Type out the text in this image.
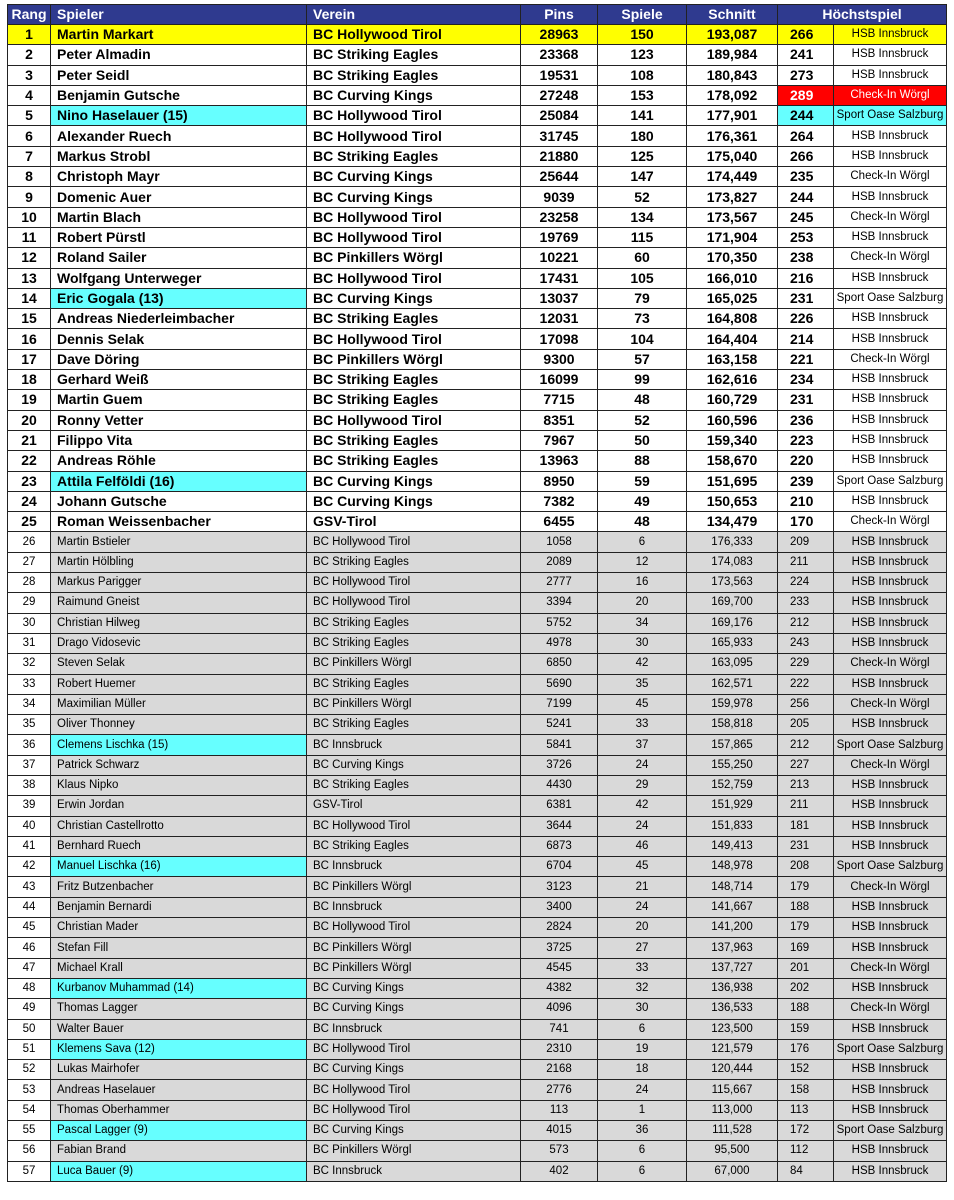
Rang	Spieler	Verein	Pins	Spiele	Schnitt	Höchstspiel	
1	Martin Markart	BC Hollywood Tirol	28963	150	193,087	266	HSB Innsbruck
2	Peter Almadin	BC Striking Eagles	23368	123	189,984	241	HSB Innsbruck
3	Peter Seidl	BC Striking Eagles	19531	108	180,843	273	HSB Innsbruck
4	Benjamin Gutsche	BC Curving Kings	27248	153	178,092	289	Check-In Wörgl
5	Nino Haselauer (15)	BC Hollywood Tirol	25084	141	177,901	244	Sport Oase Salzburg
6	Alexander Ruech	BC Hollywood Tirol	31745	180	176,361	264	HSB Innsbruck
7	Markus Strobl	BC Striking Eagles	21880	125	175,040	266	HSB Innsbruck
8	Christoph Mayr	BC Curving Kings	25644	147	174,449	235	Check-In Wörgl
9	Domenic Auer	BC Curving Kings	9039	52	173,827	244	HSB Innsbruck
10	Martin Blach	BC Hollywood Tirol	23258	134	173,567	245	Check-In Wörgl
11	Robert Pürstl	BC Hollywood Tirol	19769	115	171,904	253	HSB Innsbruck
12	Roland Sailer	BC Pinkillers Wörgl	10221	60	170,350	238	Check-In Wörgl
13	Wolfgang Unterweger	BC Hollywood Tirol	17431	105	166,010	216	HSB Innsbruck
14	Eric Gogala (13)	BC Curving Kings	13037	79	165,025	231	Sport Oase Salzburg
15	Andreas Niederleimbacher	BC Striking Eagles	12031	73	164,808	226	HSB Innsbruck
16	Dennis Selak	BC Hollywood Tirol	17098	104	164,404	214	HSB Innsbruck
17	Dave Döring	BC Pinkillers Wörgl	9300	57	163,158	221	Check-In Wörgl
18	Gerhard Weiß	BC Striking Eagles	16099	99	162,616	234	HSB Innsbruck
19	Martin Guem	BC Striking Eagles	7715	48	160,729	231	HSB Innsbruck
20	Ronny Vetter	BC Hollywood Tirol	8351	52	160,596	236	HSB Innsbruck
21	Filippo Vita	BC Striking Eagles	7967	50	159,340	223	HSB Innsbruck
22	Andreas Röhle	BC Striking Eagles	13963	88	158,670	220	HSB Innsbruck
23	Attila Felföldi (16)	BC Curving Kings	8950	59	151,695	239	Sport Oase Salzburg
24	Johann Gutsche	BC Curving Kings	7382	49	150,653	210	HSB Innsbruck
25	Roman Weissenbacher	GSV-Tirol	6455	48	134,479	170	Check-In Wörgl
26	Martin Bstieler	BC Hollywood Tirol	1058	6	176,333	209	HSB Innsbruck
27	Martin Hölbling	BC Striking Eagles	2089	12	174,083	211	HSB Innsbruck
28	Markus Parigger	BC Hollywood Tirol	2777	16	173,563	224	HSB Innsbruck
29	Raimund Gneist	BC Hollywood Tirol	3394	20	169,700	233	HSB Innsbruck
30	Christian Hilweg	BC Striking Eagles	5752	34	169,176	212	HSB Innsbruck
31	Drago Vidosevic	BC Striking Eagles	4978	30	165,933	243	HSB Innsbruck
32	Steven Selak	BC Pinkillers Wörgl	6850	42	163,095	229	Check-In Wörgl
33	Robert Huemer	BC Striking Eagles	5690	35	162,571	222	HSB Innsbruck
34	Maximilian Müller	BC Pinkillers Wörgl	7199	45	159,978	256	Check-In Wörgl
35	Oliver Thonney	BC Striking Eagles	5241	33	158,818	205	HSB Innsbruck
36	Clemens Lischka (15)	BC Innsbruck	5841	37	157,865	212	Sport Oase Salzburg
37	Patrick Schwarz	BC Curving Kings	3726	24	155,250	227	Check-In Wörgl
38	Klaus Nipko	BC Striking Eagles	4430	29	152,759	213	HSB Innsbruck
39	Erwin Jordan	GSV-Tirol	6381	42	151,929	211	HSB Innsbruck
40	Christian Castellrotto	BC Hollywood Tirol	3644	24	151,833	181	HSB Innsbruck
41	Bernhard Ruech	BC Striking Eagles	6873	46	149,413	231	HSB Innsbruck
42	Manuel Lischka (16)	BC Innsbruck	6704	45	148,978	208	Sport Oase Salzburg
43	Fritz Butzenbacher	BC Pinkillers Wörgl	3123	21	148,714	179	Check-In Wörgl
44	Benjamin Bernardi	BC Innsbruck	3400	24	141,667	188	HSB Innsbruck
45	Christian Mader	BC Hollywood Tirol	2824	20	141,200	179	HSB Innsbruck
46	Stefan Fill	BC Pinkillers Wörgl	3725	27	137,963	169	HSB Innsbruck
47	Michael Krall	BC Pinkillers Wörgl	4545	33	137,727	201	Check-In Wörgl
48	Kurbanov Muhammad (14)	BC Curving Kings	4382	32	136,938	202	HSB Innsbruck
49	Thomas Lagger	BC Curving Kings	4096	30	136,533	188	Check-In Wörgl
50	Walter Bauer	BC Innsbruck	741	6	123,500	159	HSB Innsbruck
51	Klemens Sava (12)	BC Hollywood Tirol	2310	19	121,579	176	Sport Oase Salzburg
52	Lukas Mairhofer	BC Curving Kings	2168	18	120,444	152	HSB Innsbruck
53	Andreas Haselauer	BC Hollywood Tirol	2776	24	115,667	158	HSB Innsbruck
54	Thomas Oberhammer	BC Hollywood Tirol	113	1	113,000	113	HSB Innsbruck
55	Pascal Lagger (9)	BC Curving Kings	4015	36	111,528	172	Sport Oase Salzburg
56	Fabian Brand	BC Pinkillers Wörgl	573	6	95,500	112	HSB Innsbruck
57	Luca Bauer (9)	BC Innsbruck	402	6	67,000	84	HSB Innsbruck
